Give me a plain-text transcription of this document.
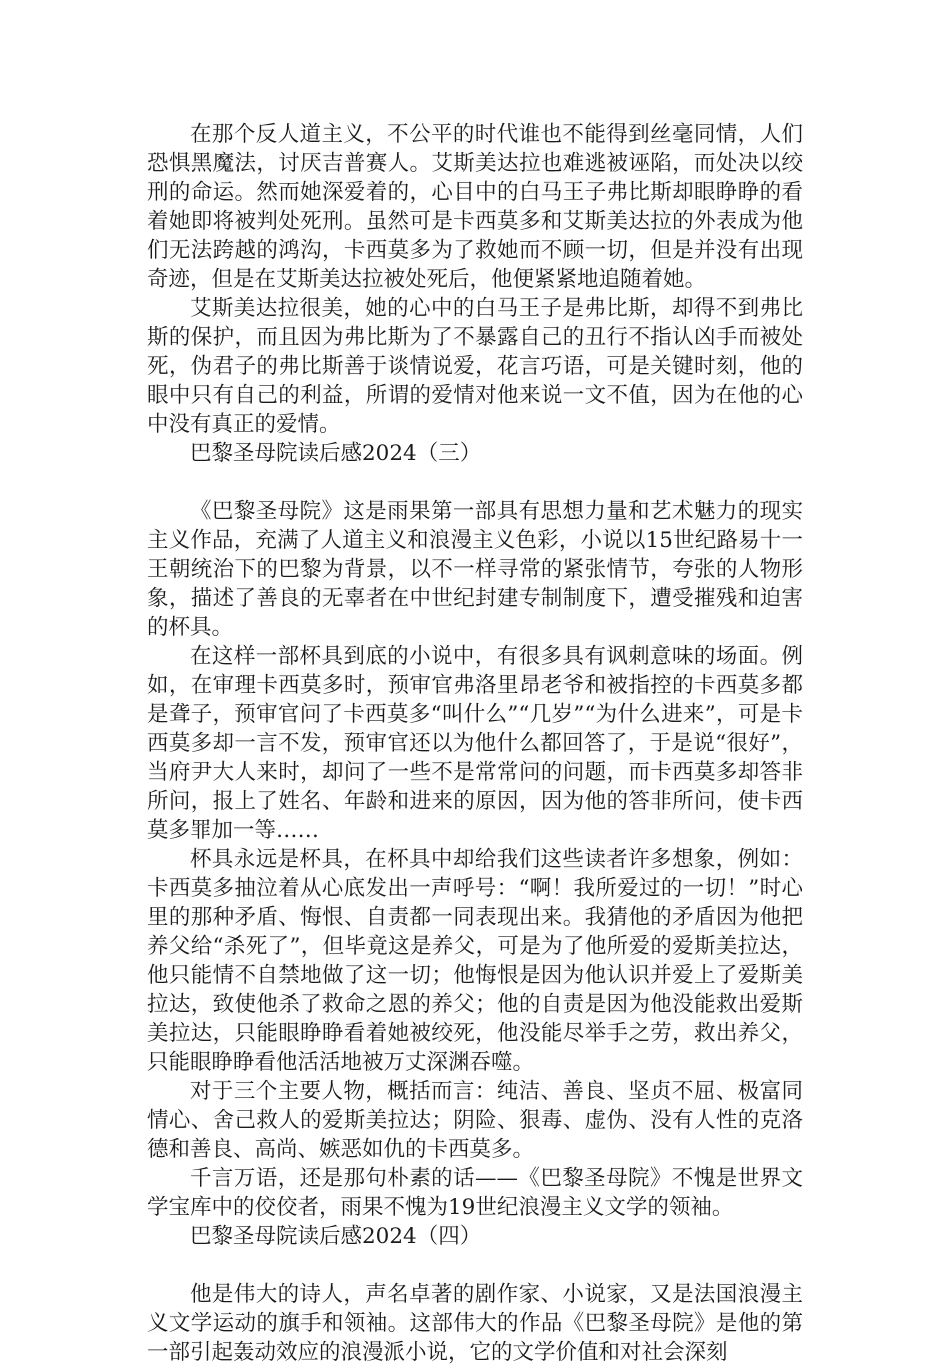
在那个反人道主义，不公平的时代谁也不能得到丝毫同情，人们恐惧黑魔法，讨厌吉普赛人。艾斯美达拉也难逃被诬陷，而处决以绞刑的命运。然而她深爱着的，心目中的白马王子弗比斯却眼睁睁的看着她即将被判处死刑。虽然可是卡西莫多和艾斯美达拉的外表成为他们无法跨越的鸿沟，卡西莫多为了救她而不顾一切，但是并没有出现奇迹，但是在艾斯美达拉被处死后，他便紧紧地追随着她。

艾斯美达拉很美，她的心中的白马王子是弗比斯，却得不到弗比斯的保护，而且因为弗比斯为了不暴露自己的丑行不指认凶手而被处死，伪君子的弗比斯善于谈情说爱，花言巧语，可是关键时刻，他的眼中只有自己的利益，所谓的爱情对他来说一文不值，因为在他的心中没有真正的爱情。

巴黎圣母院读后感2024（三）

《巴黎圣母院》这是雨果第一部具有思想力量和艺术魅力的现实主义作品，充满了人道主义和浪漫主义色彩，小说以15世纪路易十一王朝统治下的巴黎为背景，以不一样寻常的紧张情节，夸张的人物形象，描述了善良的无辜者在中世纪封建专制制度下，遭受摧残和迫害的杯具。

在这样一部杯具到底的小说中，有很多具有讽刺意味的场面。例如，在审理卡西莫多时，预审官弗洛里昂老爷和被指控的卡西莫多都是聋子，预审官问了卡西莫多“叫什么”“几岁”“为什么进来”，可是卡西莫多却一言不发，预审官还以为他什么都回答了，于是说“很好”，当府尹大人来时，却问了一些不是常常问的问题，而卡西莫多却答非所问，报上了姓名、年龄和进来的原因，因为他的答非所问，使卡西莫多罪加一等……

杯具永远是杯具，在杯具中却给我们这些读者许多想象，例如：卡西莫多抽泣着从心底发出一声呼号：“啊！我所爱过的一切！”时心里的那种矛盾、悔恨、自责都一同表现出来。我猜他的矛盾因为他把养父给“杀死了”，但毕竟这是养父，可是为了他所爱的爱斯美拉达，他只能情不自禁地做了这一切；他悔恨是因为他认识并爱上了爱斯美拉达，致使他杀了救命之恩的养父；他的自责是因为他没能救出爱斯美拉达，只能眼睁睁看着她被绞死，他没能尽举手之劳，救出养父，只能眼睁睁看他活活地被万丈深渊吞噬。

对于三个主要人物，概括而言：纯洁、善良、坚贞不屈、极富同情心、舍己救人的爱斯美拉达；阴险、狠毒、虚伪、没有人性的克洛德和善良、高尚、嫉恶如仇的卡西莫多。

千言万语，还是那句朴素的话——《巴黎圣母院》不愧是世界文学宝库中的佼佼者，雨果不愧为19世纪浪漫主义文学的领袖。

巴黎圣母院读后感2024（四）

他是伟大的诗人，声名卓著的剧作家、小说家，又是法国浪漫主义文学运动的旗手和领袖。这部伟大的作品《巴黎圣母院》是他的第一部引起轰动效应的浪漫派小说，它的文学价值和对社会深刻
